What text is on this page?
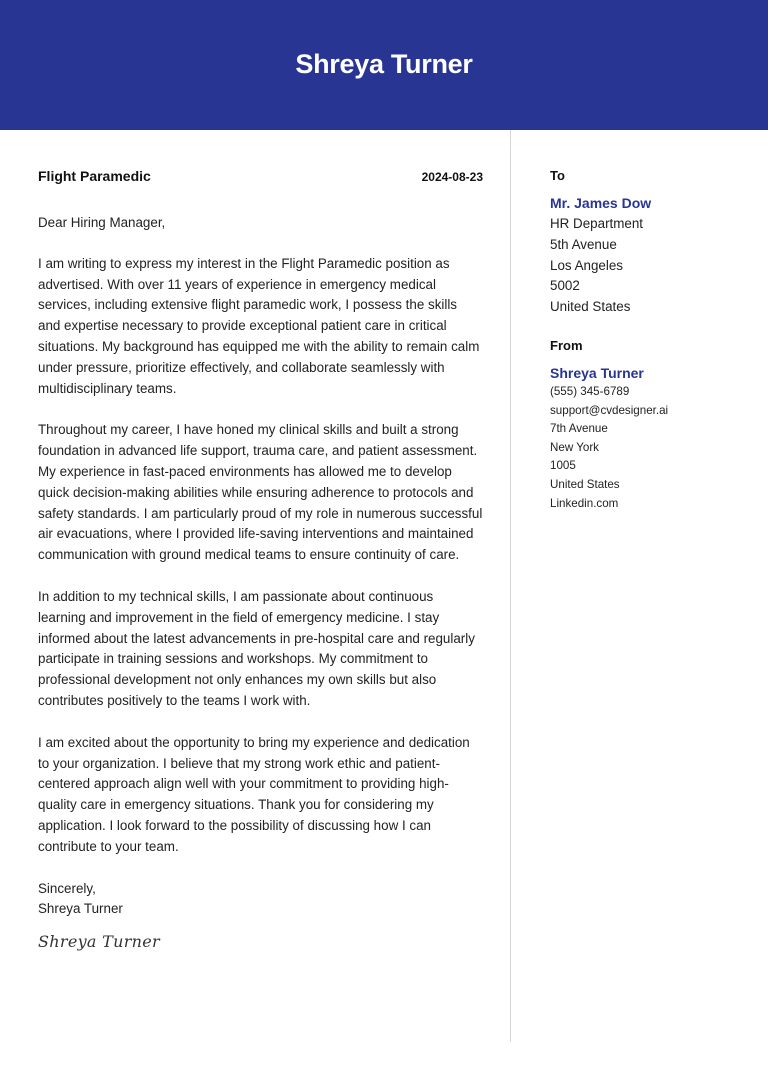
Shreya Turner
Flight Paramedic	2024-08-23

Dear Hiring Manager,

I am writing to express my interest in the Flight Paramedic position as advertised. With over 11 years of experience in emergency medical services, including extensive flight paramedic work, I possess the skills and expertise necessary to provide exceptional patient care in critical situations. My background has equipped me with the ability to remain calm under pressure, prioritize effectively, and collaborate seamlessly with multidisciplinary teams.

Throughout my career, I have honed my clinical skills and built a strong foundation in advanced life support, trauma care, and patient assessment. My experience in fast-paced environments has allowed me to develop quick decision-making abilities while ensuring adherence to protocols and safety standards. I am particularly proud of my role in numerous successful air evacuations, where I provided life-saving interventions and maintained communication with ground medical teams to ensure continuity of care.

In addition to my technical skills, I am passionate about continuous learning and improvement in the field of emergency medicine. I stay informed about the latest advancements in pre-hospital care and regularly participate in training sessions and workshops. My commitment to professional development not only enhances my own skills but also contributes positively to the teams I work with.

I am excited about the opportunity to bring my experience and dedication to your organization. I believe that my strong work ethic and patient-centered approach align well with your commitment to providing high-quality care in emergency situations. Thank you for considering my application. I look forward to the possibility of discussing how I can contribute to your team.

Sincerely,

Shreya Turner

Shreya Turner

To
Mr. James Dow
HR Department
5th Avenue
Los Angeles
5002
United States
From
Shreya Turner
(555) 345-6789
support@cvdesigner.ai
7th Avenue
New York
1005
United States
Linkedin.com
